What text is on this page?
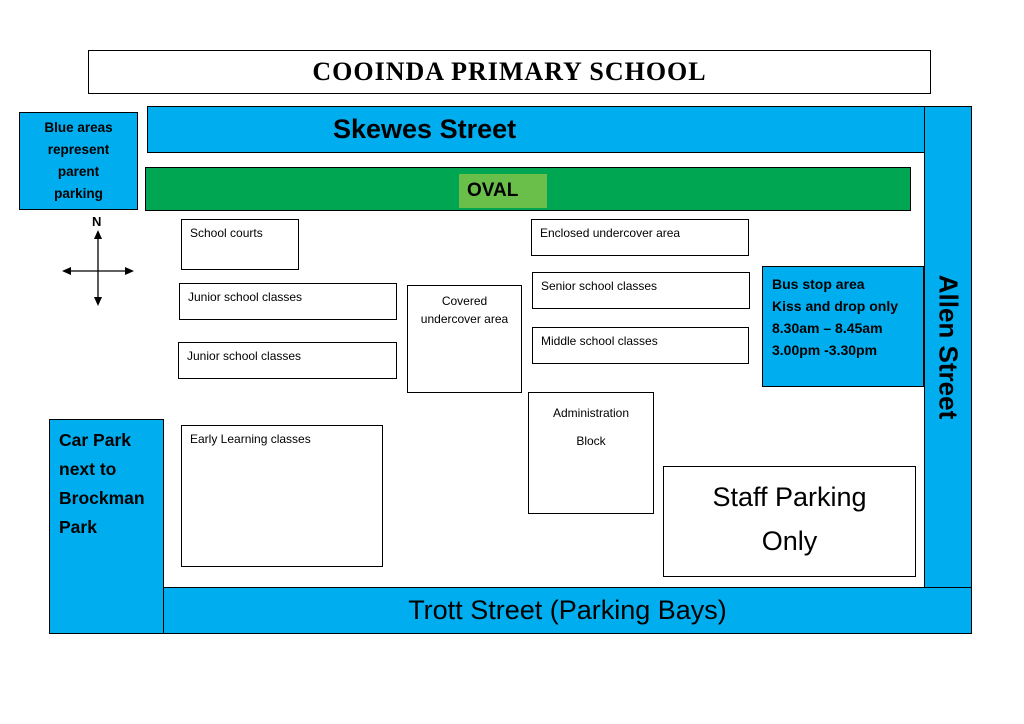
COOINDA PRIMARY SCHOOL
Blue areas represent parent parking
N
Skewes Street
Allen Street
Trott Street (Parking Bays)
Car Park
next to
Brockman
Park
OVAL
School courts
Junior school classes
Junior school classes
Covered
undercover area
Enclosed undercover area
Senior school classes
Middle school classes
Administration
Block
Early Learning classes
Bus stop area
Kiss and drop only
8.30am – 8.45am
3.00pm -3.30pm
Staff Parking
Only
